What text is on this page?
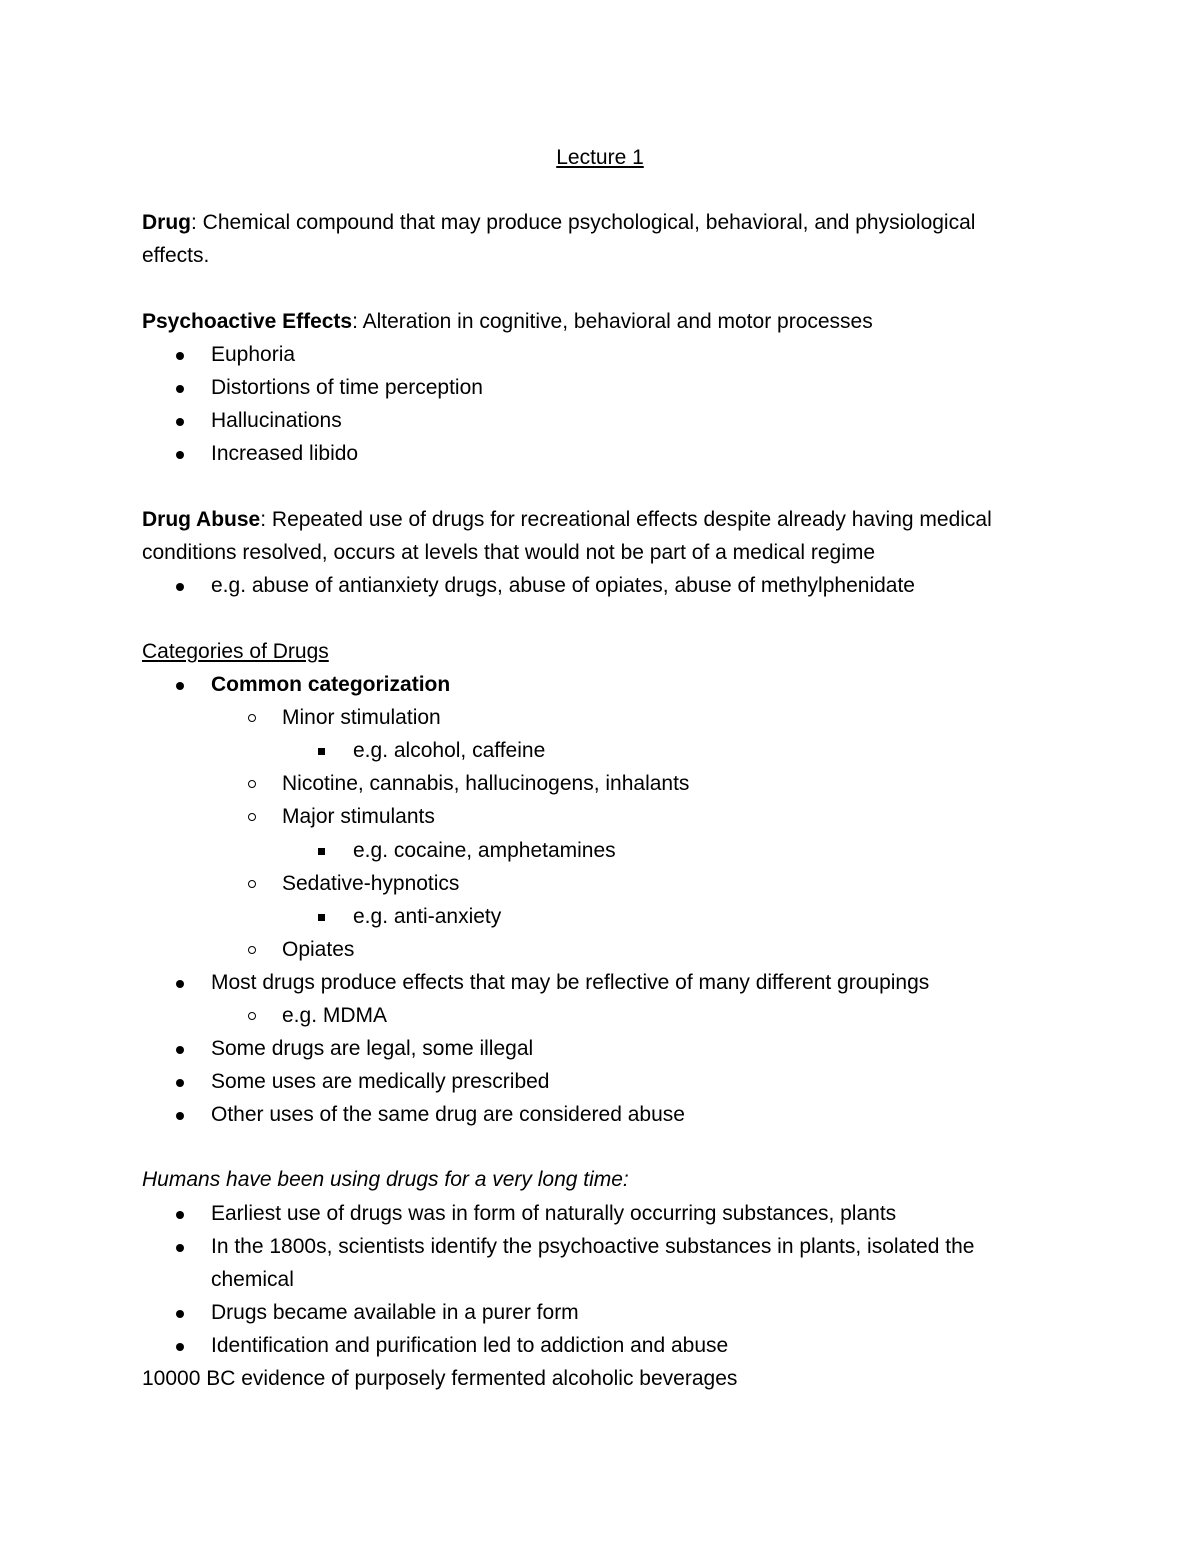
Lecture 1
Drug: Chemical compound that may produce psychological, behavioral, and physiological
effects.
Psychoactive Effects: Alteration in cognitive, behavioral and motor processes
Euphoria
Distortions of time perception
Hallucinations
Increased libido
Drug Abuse: Repeated use of drugs for recreational effects despite already having medical
conditions resolved, occurs at levels that would not be part of a medical regime
e.g. abuse of antianxiety drugs, abuse of opiates, abuse of methylphenidate
Categories of Drugs
Common categorization
Minor stimulation
e.g. alcohol, caffeine
Nicotine, cannabis, hallucinogens, inhalants
Major stimulants
e.g. cocaine, amphetamines
Sedative-hypnotics
e.g. anti-anxiety
Opiates
Most drugs produce effects that may be reflective of many different groupings
e.g. MDMA
Some drugs are legal, some illegal
Some uses are medically prescribed
Other uses of the same drug are considered abuse
Humans have been using drugs for a very long time:
Earliest use of drugs was in form of naturally occurring substances, plants
In the 1800s, scientists identify the psychoactive substances in plants, isolated the
chemical
Drugs became available in a purer form
Identification and purification led to addiction and abuse
10000 BC evidence of purposely fermented alcoholic beverages
